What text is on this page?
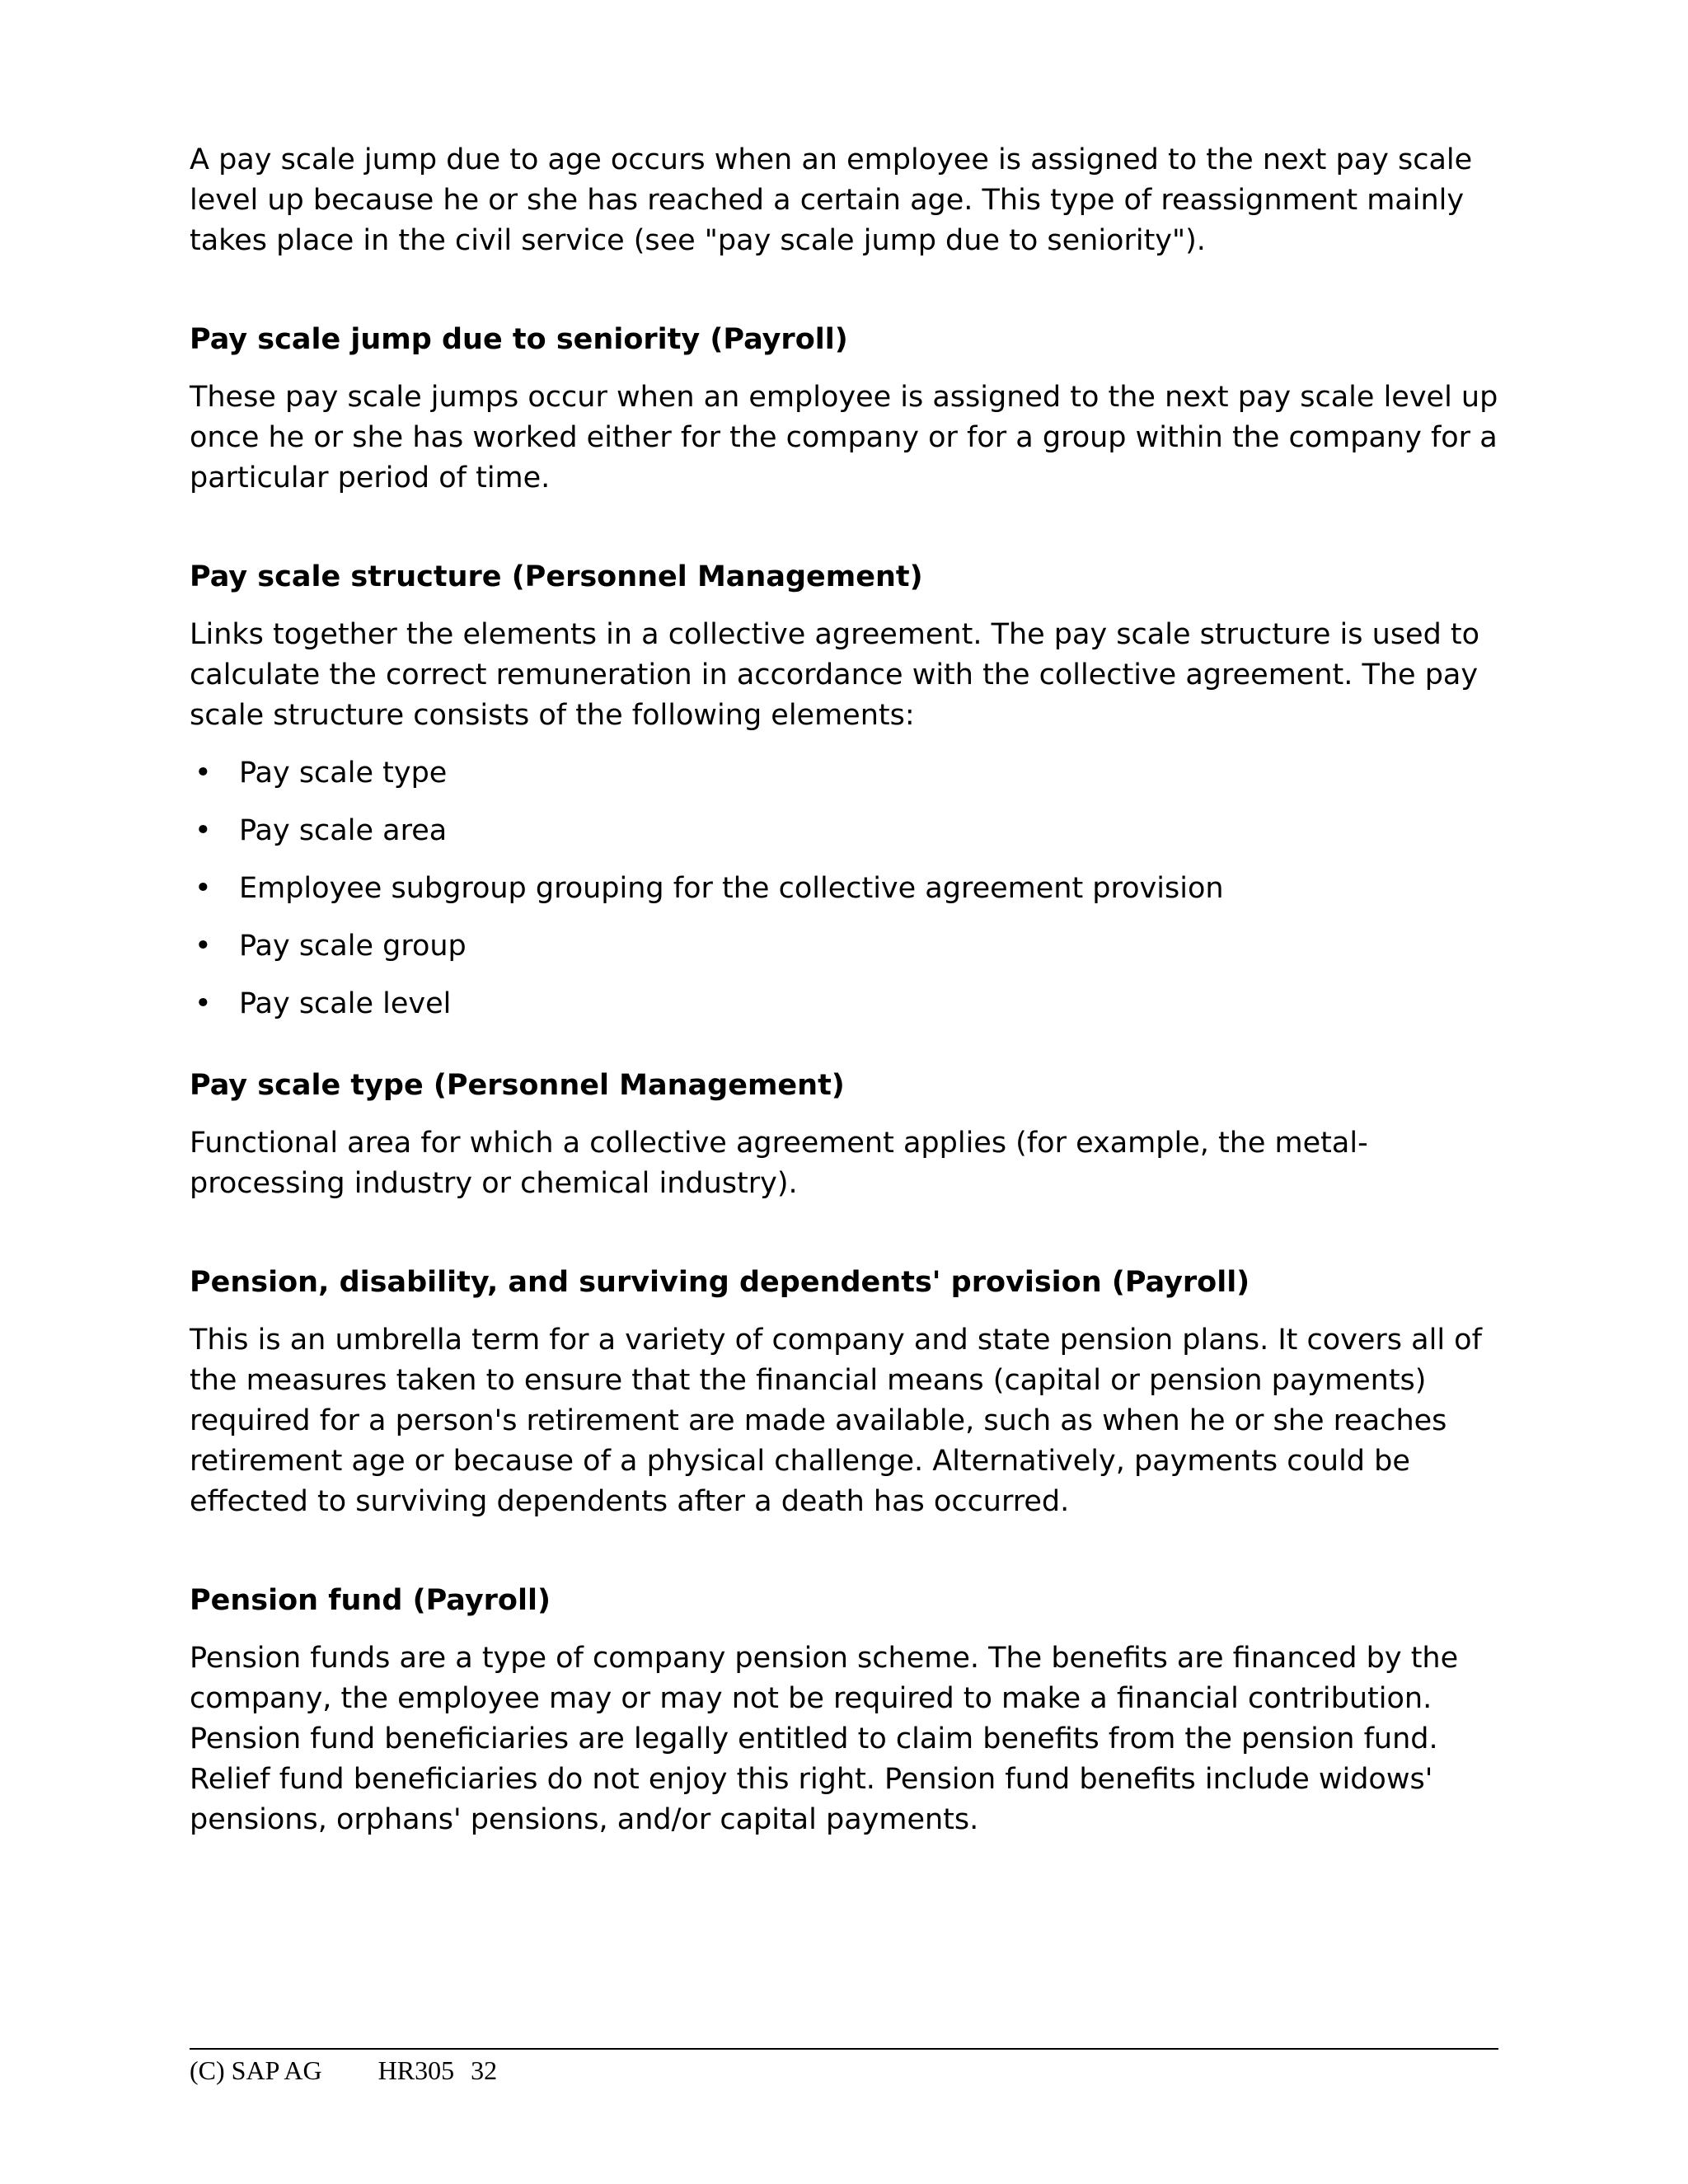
A pay scale jump due to age occurs when an employee is assigned to the next pay scale level up because he or she has reached a certain age. This type of reassignment mainly takes place in the civil service (see "pay scale jump due to seniority").

Pay scale jump due to seniority (Payroll)

These pay scale jumps occur when an employee is assigned to the next pay scale level up once he or she has worked either for the company or for a group within the company for a particular period of time.

Pay scale structure (Personnel Management)

Links together the elements in a collective agreement. The pay scale structure is used to calculate the correct remuneration in accordance with the collective agreement. The pay scale structure consists of the following elements:

• Pay scale type
• Pay scale area
• Employee subgroup grouping for the collective agreement provision
• Pay scale group
• Pay scale level
Pay scale type (Personnel Management)

Functional area for which a collective agreement applies (for example, the metal-processing industry or chemical industry).

Pension, disability, and surviving dependents' provision (Payroll)

This is an umbrella term for a variety of company and state pension plans. It covers all of the measures taken to ensure that the financial means (capital or pension payments) required for a person's retirement are made available, such as when he or she reaches retirement age or because of a physical challenge. Alternatively, payments could be effected to surviving dependents after a death has occurred.

Pension fund (Payroll)

Pension funds are a type of company pension scheme. The benefits are financed by the company, the employee may or may not be required to make a financial contribution. Pension fund beneficiaries are legally entitled to claim benefits from the pension fund. Relief fund beneficiaries do not enjoy this right. Pension fund benefits include widows' pensions, orphans' pensions, and/or capital payments.

(C) SAP AG HR305 32
